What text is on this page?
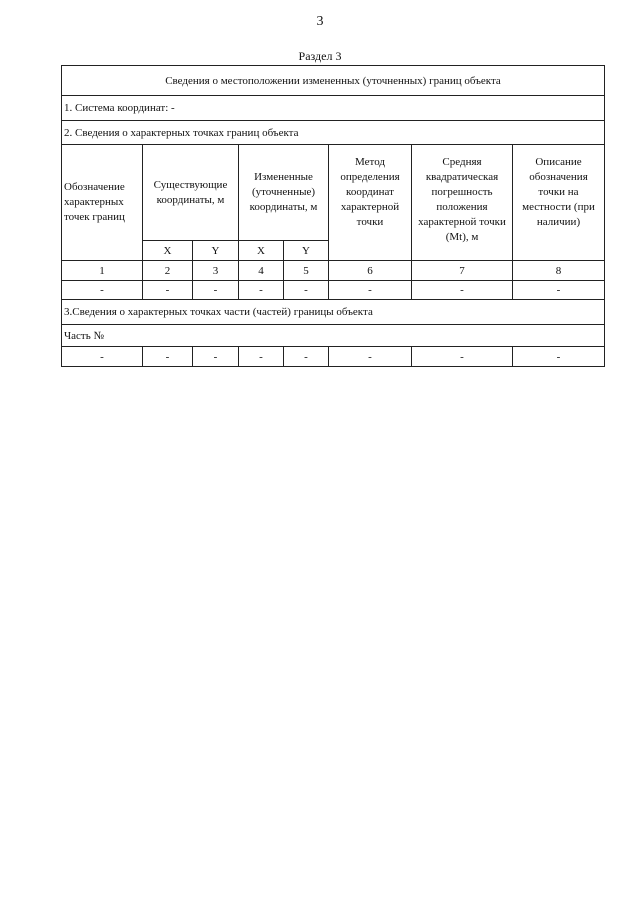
3
Раздел 3
Сведения о местоположении измененных (уточненных) границ объекта							
1. Система координат: -							
2. Сведения о характерных точках границ объекта							
Обозначение характерных точек границ	Существующие координаты, м		Измененные (уточненные) координаты, м		Метод определения координат характерной точки	Средняя квадратическая погрешность положения характерной точки (Mt), м	Описание обозначения точки на местности (при наличии)
	X	Y	X	Y			
1	2	3	4	5	6	7	8
-	-	-	-	-	-	-	-
3.Сведения о характерных точках части (частей) границы объекта							
Часть №							
-	-	-	-	-	-	-	-
